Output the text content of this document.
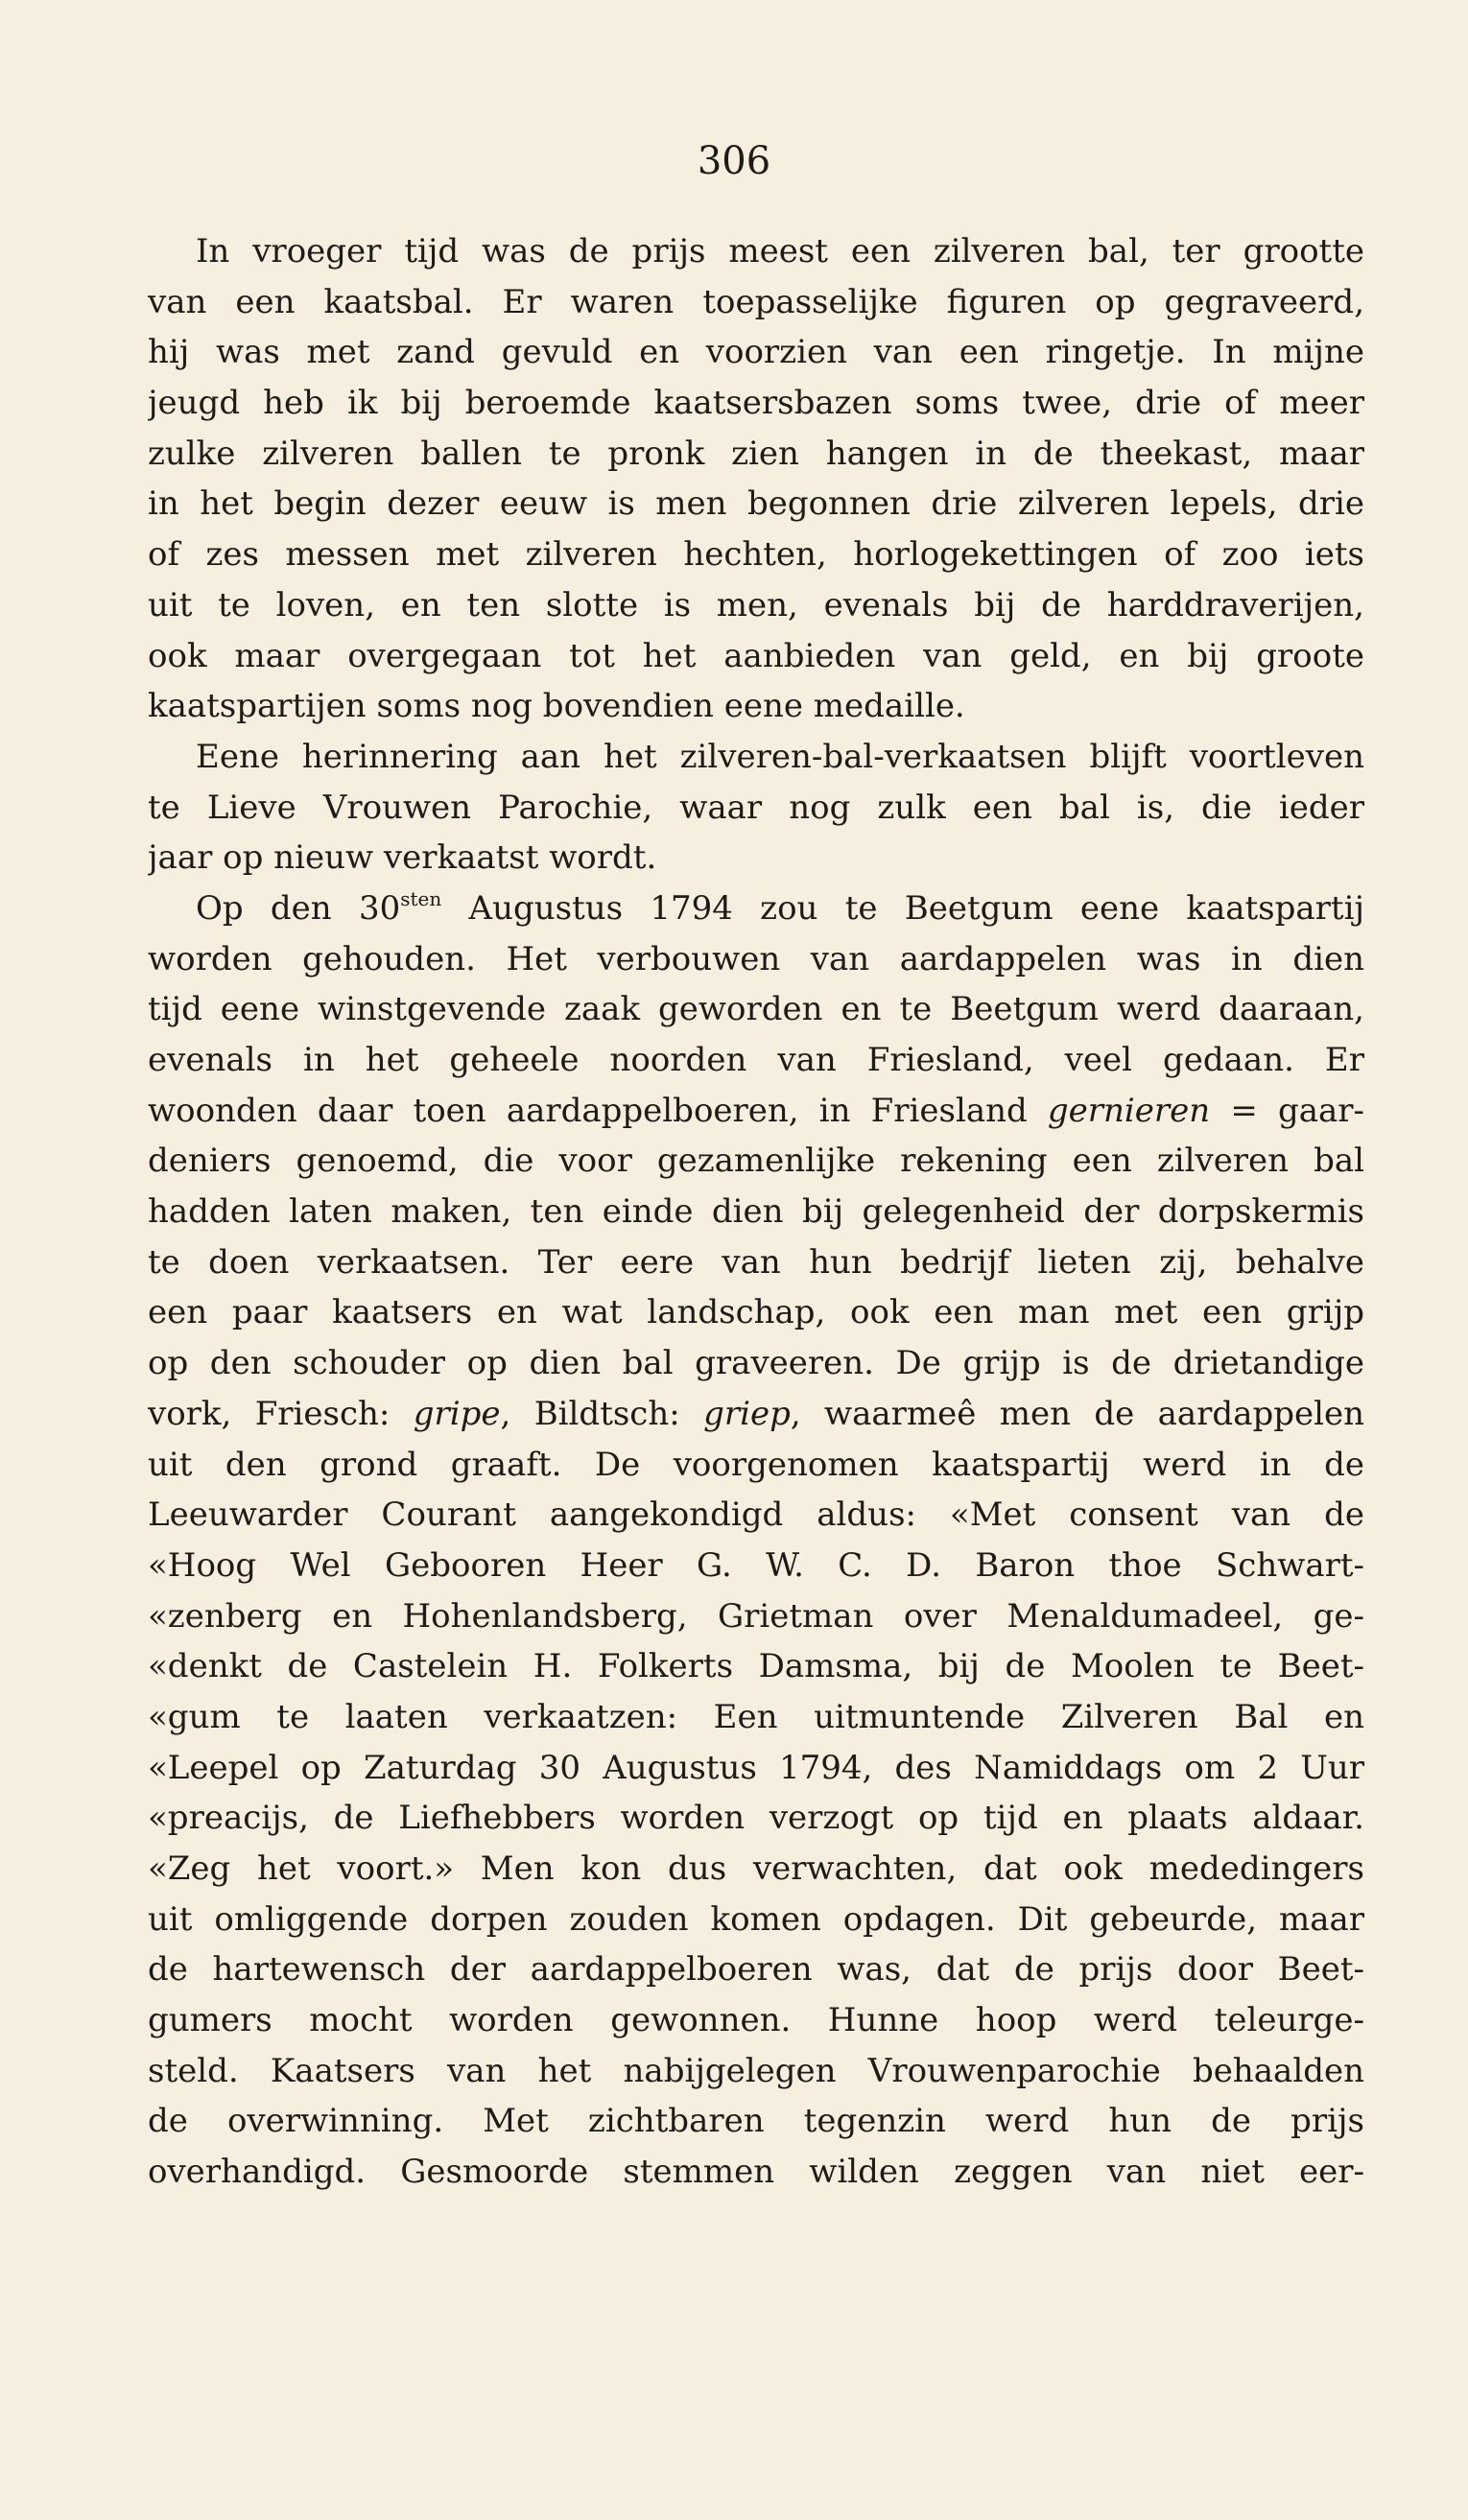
306
In vroeger tijd was de prijs meest een zilveren bal, ter grootte
van een kaatsbal. Er waren toepasselijke figuren op gegraveerd,
hij was met zand gevuld en voorzien van een ringetje. In mijne
jeugd heb ik bij beroemde kaatsersbazen soms twee, drie of meer
zulke zilveren ballen te pronk zien hangen in de theekast, maar
in het begin dezer eeuw is men begonnen drie zilveren lepels, drie
of zes messen met zilveren hechten, horlogekettingen of zoo iets
uit te loven, en ten slotte is men, evenals bij de harddraverijen,
ook maar overgegaan tot het aanbieden van geld, en bij groote
kaatspartijen soms nog bovendien eene medaille.
Eene herinnering aan het zilveren-bal-verkaatsen blijft voortleven
te Lieve Vrouwen Parochie, waar nog zulk een bal is, die ieder
jaar op nieuw verkaatst wordt.
Op den $30^{sten}$ Augustus 1794 zou te Beetgum eene kaatspartij
worden gehouden. Het verbouwen van aardappelen was in dien
tijd eene winstgevende zaak geworden en te Beetgum werd daaraan,
evenals in het geheele noorden van Friesland, veel gedaan. Er
woonden daar toen aardappelboeren, in Friesland gernieren = gaar-
deniers genoemd, die voor gezamenlijke rekening een zilveren bal
hadden laten maken, ten einde dien bij gelegenheid der dorpskermis
te doen verkaatsen. Ter eere van hun bedrijf lieten zij, behalve
een paar kaatsers en wat landschap, ook een man met een grijp
op den schouder op dien bal graveeren. De grijp is de drietandige
vork, Friesch: gripe, Bildtsch: griep, waarmeê men de aardappelen
uit den grond graaft. De voorgenomen kaatspartij werd in de
Leeuwarder Courant aangekondigd aldus: «Met consent van de
«Hoog Wel Gebooren Heer G. W. C. D. Baron thoe Schwart-
«zenberg en Hohenlandsberg, Grietman over Menaldumadeel, ge-
«denkt de Castelein H. Folkerts Damsma, bij de Moolen te Beet-
«gum te laaten verkaatzen: Een uitmuntende Zilveren Bal en
«Leepel op Zaturdag 30 Augustus 1794, des Namiddags om 2 Uur
«preacijs, de Liefhebbers worden verzogt op tijd en plaats aldaar.
«Zeg het voort.» Men kon dus verwachten, dat ook mededingers
uit omliggende dorpen zouden komen opdagen. Dit gebeurde, maar
de hartewensch der aardappelboeren was, dat de prijs door Beet-
gumers mocht worden gewonnen. Hunne hoop werd teleurge-
steld. Kaatsers van het nabijgelegen Vrouwenparochie behaalden
de overwinning. Met zichtbaren tegenzin werd hun de prijs
overhandigd. Gesmoorde stemmen wilden zeggen van niet eer-
